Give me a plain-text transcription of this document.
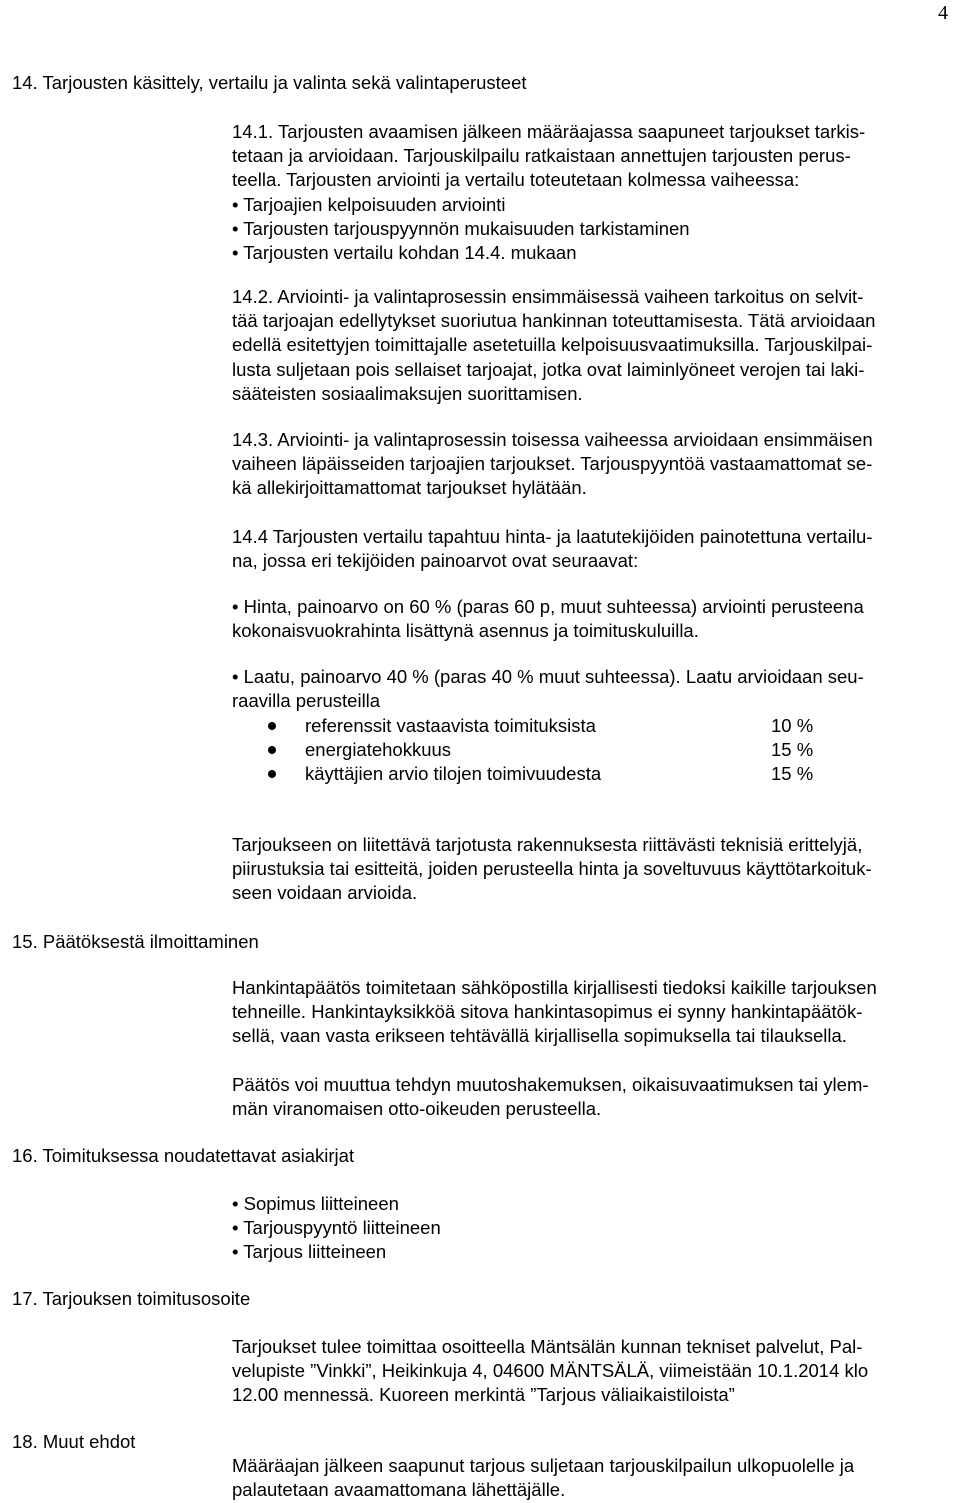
4
14. Tarjousten käsittely, vertailu ja valinta sekä valintaperusteet
14.1. Tarjousten avaamisen jälkeen määräajassa saapuneet tarjoukset tarkis-
tetaan ja arvioidaan. Tarjouskilpailu ratkaistaan annettujen tarjousten perus-
teella. Tarjousten arviointi ja vertailu toteutetaan kolmessa vaiheessa:
• Tarjoajien kelpoisuuden arviointi
• Tarjousten tarjouspyynnön mukaisuuden tarkistaminen
• Tarjousten vertailu kohdan 14.4. mukaan
14.2. Arviointi- ja valintaprosessin ensimmäisessä vaiheen tarkoitus on selvit-
tää tarjoajan edellytykset suoriutua hankinnan toteuttamisesta. Tätä arvioidaan
edellä esitettyjen toimittajalle asetetuilla kelpoisuusvaatimuksilla. Tarjouskilpai-
lusta suljetaan pois sellaiset tarjoajat, jotka ovat laiminlyöneet verojen tai laki-
sääteisten sosiaalimaksujen suorittamisen.
14.3. Arviointi- ja valintaprosessin toisessa vaiheessa arvioidaan ensimmäisen
vaiheen läpäisseiden tarjoajien tarjoukset. Tarjouspyyntöä vastaamattomat se-
kä allekirjoittamattomat tarjoukset hylätään.
14.4 Tarjousten vertailu tapahtuu hinta- ja laatutekijöiden painotettuna vertailu-
na, jossa eri tekijöiden painoarvot ovat seuraavat:
• Hinta, painoarvo on 60 % (paras 60 p, muut suhteessa) arviointi perusteena
kokonaisvuokrahinta lisättynä asennus ja toimituskuluilla.
• Laatu, painoarvo 40 % (paras 40 % muut suhteessa). Laatu arvioidaan seu-
raavilla perusteilla
referenssit vastaavista toimituksista	10 %
energiatehokkuus	15 %
käyttäjien arvio tilojen toimivuudesta	15 %
Tarjoukseen on liitettävä tarjotusta rakennuksesta riittävästi teknisiä erittelyjä,
piirustuksia tai esitteitä, joiden perusteella hinta ja soveltuvuus käyttötarkoituk-
seen voidaan arvioida.
15. Päätöksestä ilmoittaminen
Hankintapäätös toimitetaan sähköpostilla kirjallisesti tiedoksi kaikille tarjouksen
tehneille. Hankintayksikköä sitova hankintasopimus ei synny hankintapäätök-
sellä, vaan vasta erikseen tehtävällä kirjallisella sopimuksella tai tilauksella.
Päätös voi muuttua tehdyn muutoshakemuksen, oikaisuvaatimuksen tai ylem-
män viranomaisen otto-oikeuden perusteella.
16. Toimituksessa noudatettavat asiakirjat
• Sopimus liitteineen
• Tarjouspyyntö liitteineen
• Tarjous liitteineen
17. Tarjouksen toimitusosoite
Tarjoukset tulee toimittaa osoitteella Mäntsälän kunnan tekniset palvelut, Pal-
velupiste ”Vinkki”, Heikinkuja 4, 04600 MÄNTSÄLÄ, viimeistään 10.1.2014 klo
12.00 mennessä. Kuoreen merkintä ”Tarjous väliaikaistiloista”
18. Muut ehdot
Määräajan jälkeen saapunut tarjous suljetaan tarjouskilpailun ulkopuolelle ja
palautetaan avaamattomana lähettäjälle.
